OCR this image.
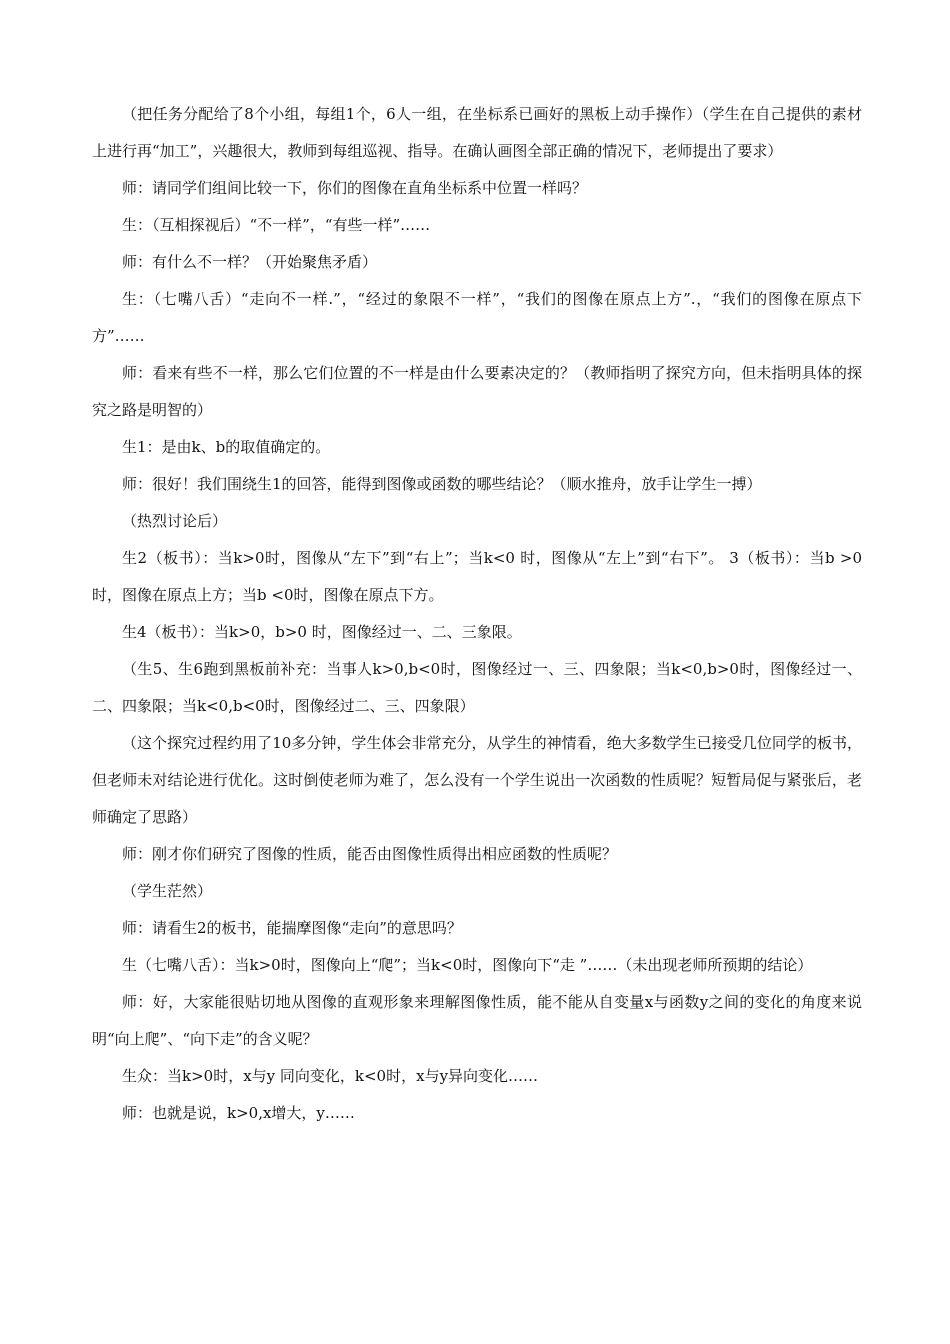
（把任务分配给了8个小组，每组1个，6人一组，在坐标系已画好的黑板上动手操作）（学生在自己提供的素材上进行再“加工”，兴趣很大，教师到每组巡视、指导。在确认画图全部正确的情况下，老师提出了要求）

师：请同学们组间比较一下，你们的图像在直角坐标系中位置一样吗？

生：（互相探视后）“不一样”，“有些一样”……

师：有什么不一样？（开始聚焦矛盾）

生：（七嘴八舌）“走向不一样.”，“经过的象限不一样”，“我们的图像在原点上方”.，“我们的图像在原点下方”……

师：看来有些不一样，那么它们位置的不一样是由什么要素决定的？（教师指明了探究方向，但未指明具体的探究之路是明智的）

生1：是由k、b的取值确定的。

师：很好！我们围绕生1的回答，能得到图像或函数的哪些结论？（顺水推舟，放手让学生一搏）

（热烈讨论后）

生2（板书）：当k>0时，图像从“左下”到“右上”；当k<0 时，图像从“左上”到“右下”。 3（板书）：当b >0时，图像在原点上方；当b <0时，图像在原点下方。

生4（板书）：当k>0，b>0 时，图像经过一、二、三象限。

（生5、生6跑到黑板前补充：当事人k>0,b<0时，图像经过一、三、四象限；当k<0,b>0时，图像经过一、二、四象限；当k<0,b<0时，图像经过二、三、四象限）

（这个探究过程约用了10多分钟，学生体会非常充分，从学生的神情看，绝大多数学生已接受几位同学的板书，但老师未对结论进行优化。这时倒使老师为难了，怎么没有一个学生说出一次函数的性质呢？短暂局促与紧张后，老师确定了思路）

师：刚才你们研究了图像的性质，能否由图像性质得出相应函数的性质呢？

（学生茫然）

师：请看生2的板书，能揣摩图像“走向”的意思吗？

生（七嘴八舌）：当k>0时，图像向上“爬”；当k<0时，图像向下“走 ”……（未出现老师所预期的结论）

师：好，大家能很贴切地从图像的直观形象来理解图像性质，能不能从自变量x与函数y之间的变化的角度来说明“向上爬”、“向下走”的含义呢？

生众：当k>0时，x与y 同向变化，k<0时，x与y异向变化……

师：也就是说，k>0,x增大，y……
